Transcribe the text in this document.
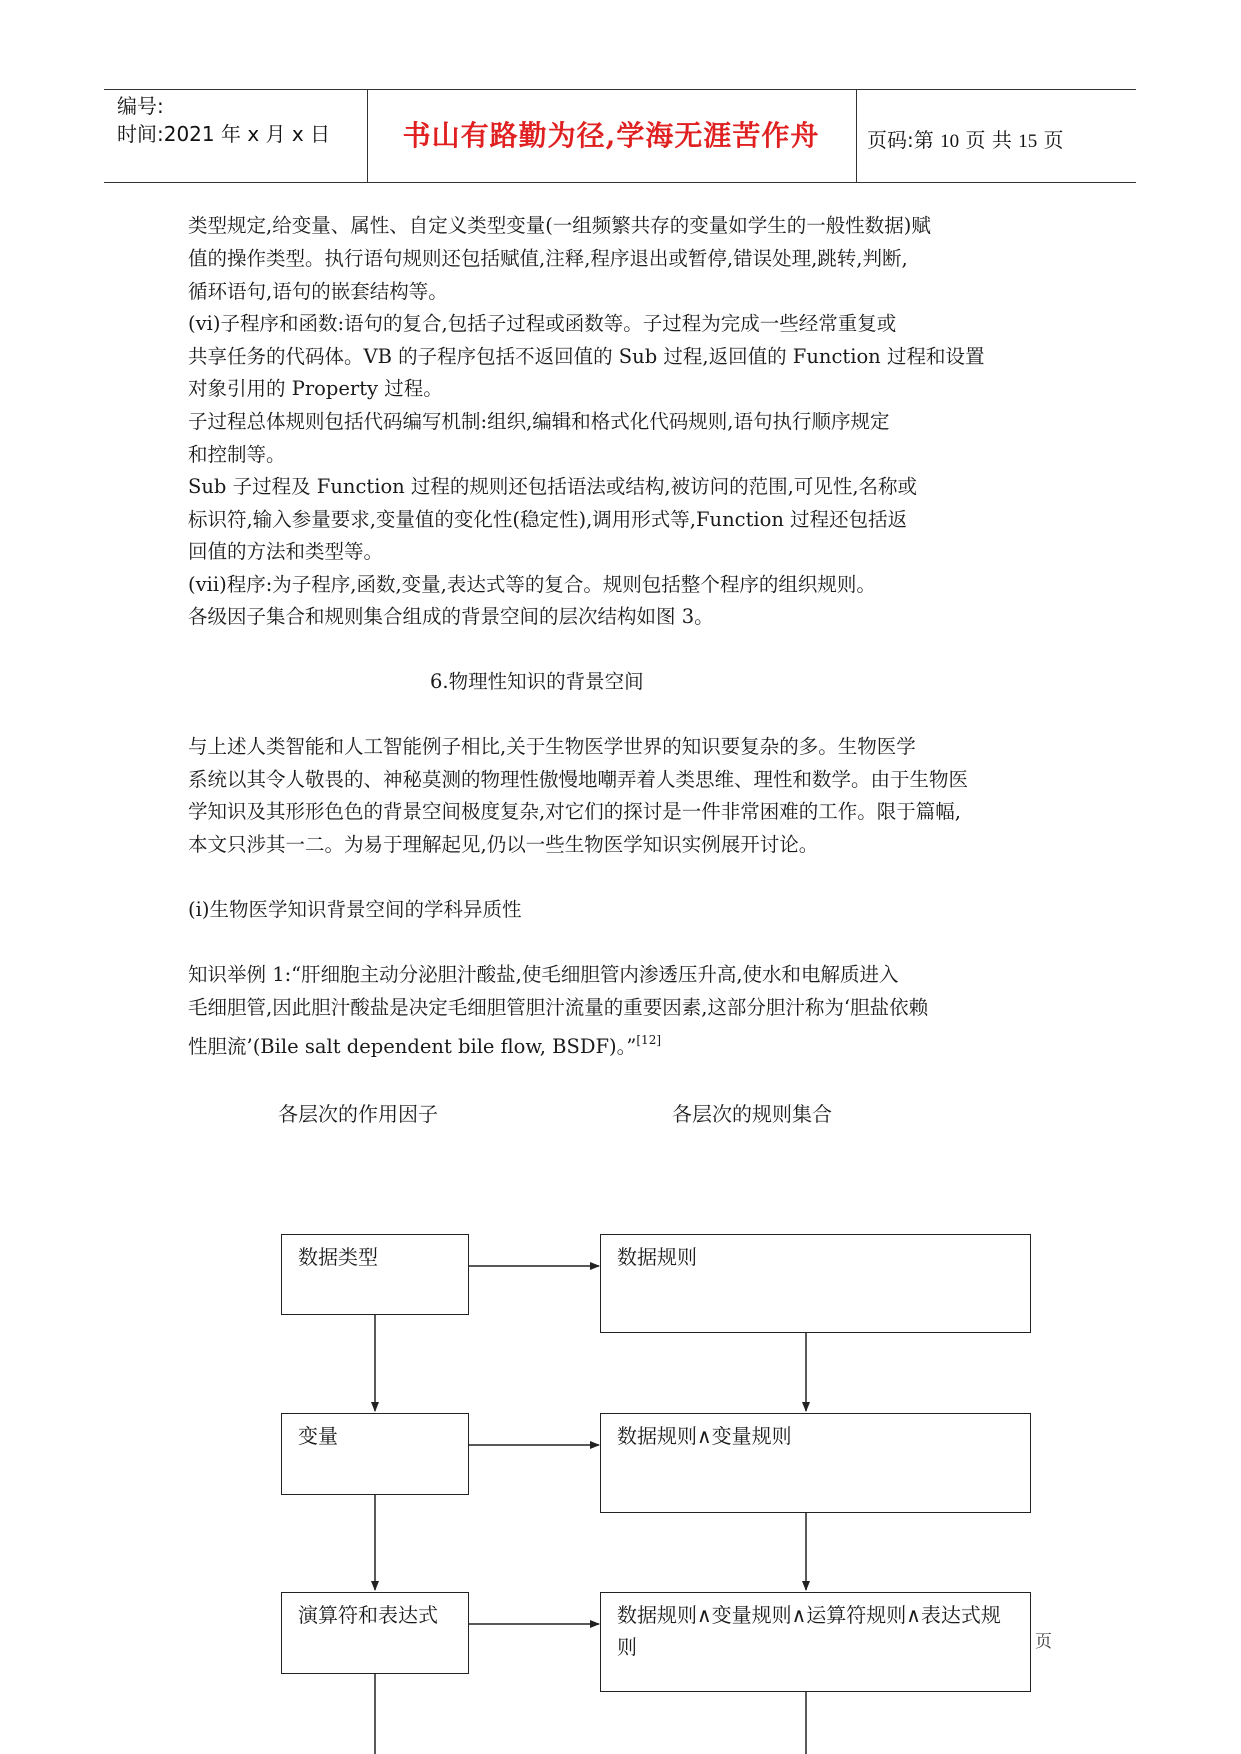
编号:
时间:2021 年 x 月 x 日	书山有路勤为径,学海无涯苦作舟	页码:第 10 页 共 15 页
类型规定,给变量、属性、自定义类型变量(一组频繁共存的变量如学生的一般性数据)赋
值的操作类型。执行语句规则还包括赋值,注释,程序退出或暂停,错误处理,跳转,判断,
循环语句,语句的嵌套结构等。
(vi)子程序和函数:语句的复合,包括子过程或函数等。子过程为完成一些经常重复或
共享任务的代码体。VB 的子程序包括不返回值的 Sub 过程,返回值的 Function 过程和设置
对象引用的 Property 过程。
子过程总体规则包括代码编写机制:组织,编辑和格式化代码规则,语句执行顺序规定
和控制等。
Sub 子过程及 Function 过程的规则还包括语法或结构,被访问的范围,可见性,名称或
标识符,输入参量要求,变量值的变化性(稳定性),调用形式等,Function 过程还包括返
回值的方法和类型等。
(vii)程序:为子程序,函数,变量,表达式等的复合。规则包括整个程序的组织规则。
各级因子集合和规则集合组成的背景空间的层次结构如图 3。
6.物理性知识的背景空间
与上述人类智能和人工智能例子相比,关于生物医学世界的知识要复杂的多。生物医学
系统以其令人敬畏的、神秘莫测的物理性傲慢地嘲弄着人类思维、理性和数学。由于生物医
学知识及其形形色色的背景空间极度复杂,对它们的探讨是一件非常困难的工作。限于篇幅,
本文只涉其一二。为易于理解起见,仍以一些生物医学知识实例展开讨论。
(ⅰ)生物医学知识背景空间的学科异质性
知识举例 1:“肝细胞主动分泌胆汁酸盐,使毛细胆管内渗透压升高,使水和电解质进入
毛细胆管,因此胆汁酸盐是决定毛细胆管胆汁流量的重要因素,这部分胆汁称为‘胆盐依赖
性胆流’(Bile salt dependent bile flow, BSDF)。”[12]
各层次的作用因子	各层次的规则集合
数据类型
变量
演算符和表达式
数据规则
数据规则∧变量规则
数据规则∧变量规则∧运算符规则∧表达式规则	页
